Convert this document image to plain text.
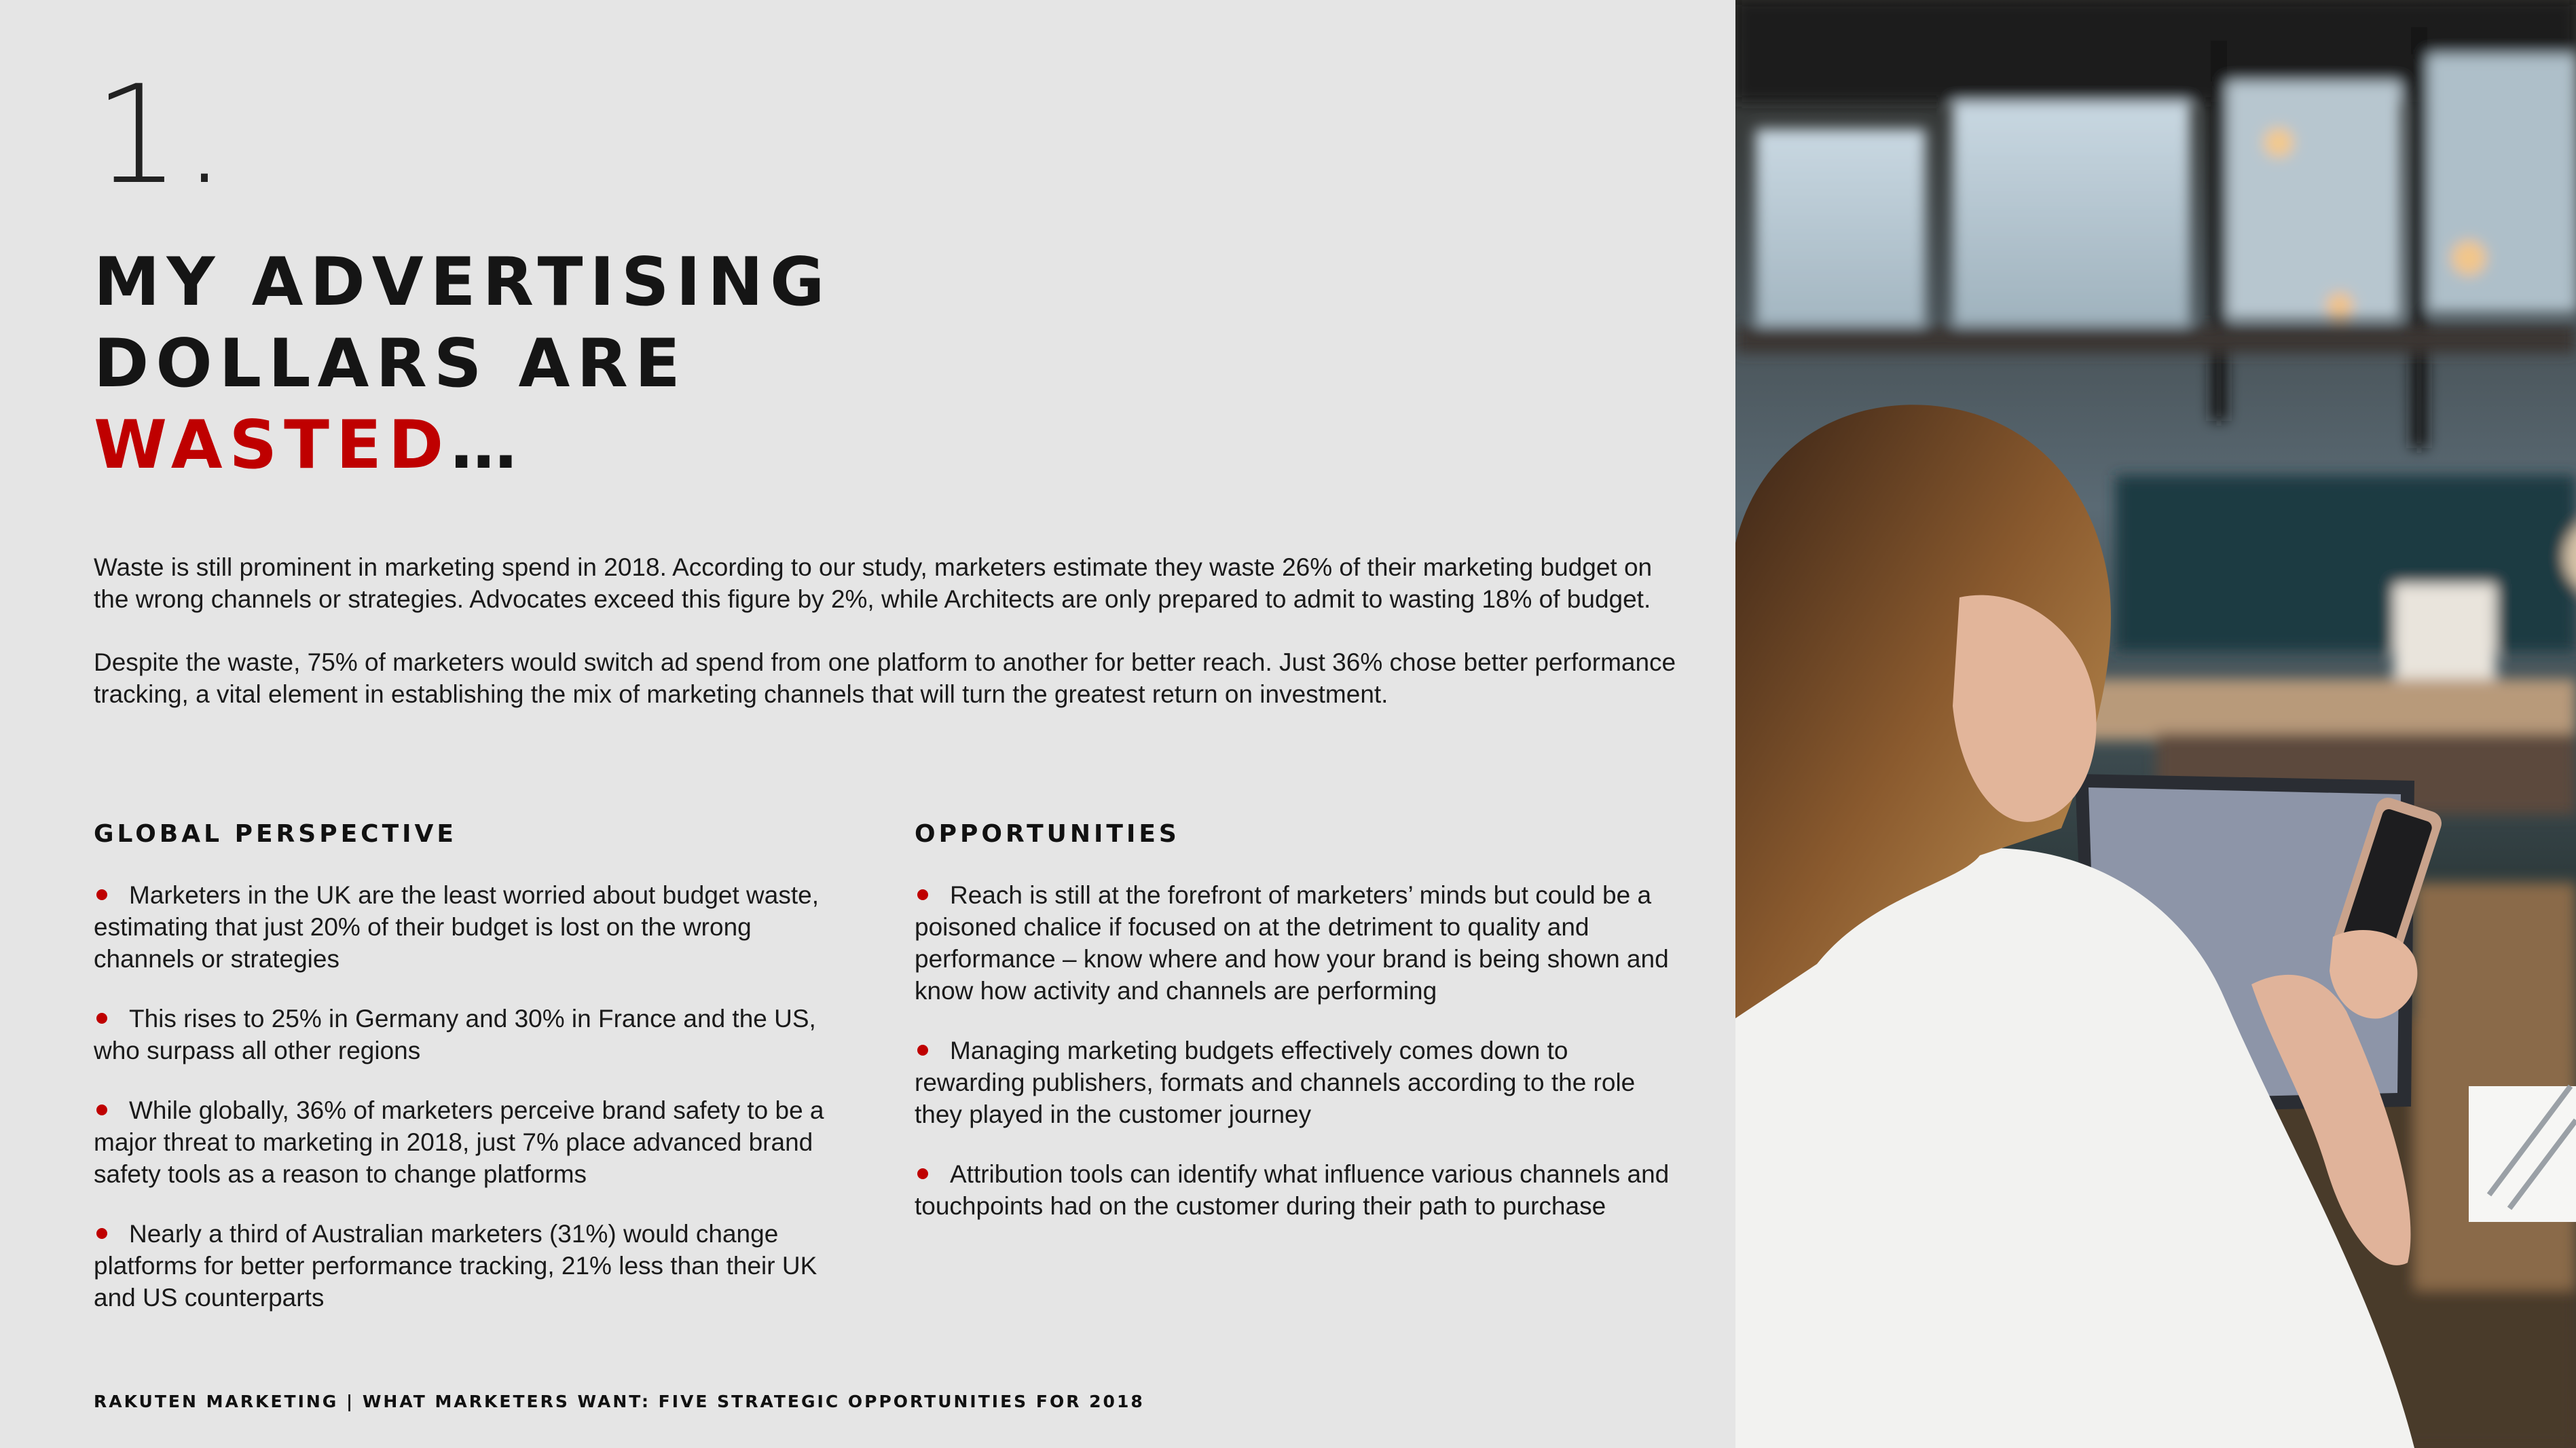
1.
MY ADVERTISING
DOLLARS ARE
WASTED…

Waste is still prominent in marketing spend in 2018. According to our study, marketers estimate they waste 26% of their marketing budget on the wrong channels or strategies. Advocates exceed this figure by 2%, while Architects are only prepared to admit to wasting 18% of budget.

Despite the waste, 75% of marketers would switch ad spend from one platform to another for better reach. Just 36% chose better performance tracking, a vital element in establishing the mix of marketing channels that will turn the greatest return on investment.

GLOBAL PERSPECTIVE
Marketers in the UK are the least worried about budget waste, estimating that just 20% of their budget is lost on the wrong channels or strategies
This rises to 25% in Germany and 30% in France and the US, who surpass all other regions
While globally, 36% of marketers perceive brand safety to be a major threat to marketing in 2018, just 7% place advanced brand safety tools as a reason to change platforms
Nearly a third of Australian marketers (31%) would change platforms for better performance tracking, 21% less than their UK and US counterparts
OPPORTUNITIES
Reach is still at the forefront of marketers’ minds but could be a poisoned chalice if focused on at the detriment to quality and performance – know where and how your brand is being shown and know how activity and channels are performing
Managing marketing budgets effectively comes down to rewarding publishers, formats and channels according to the role they played in the customer journey
Attribution tools can identify what influence various channels and touchpoints had on the customer during their path to purchase
RAKUTEN MARKETING | WHAT MARKETERS WANT: FIVE STRATEGIC OPPORTUNITIES FOR 2018
